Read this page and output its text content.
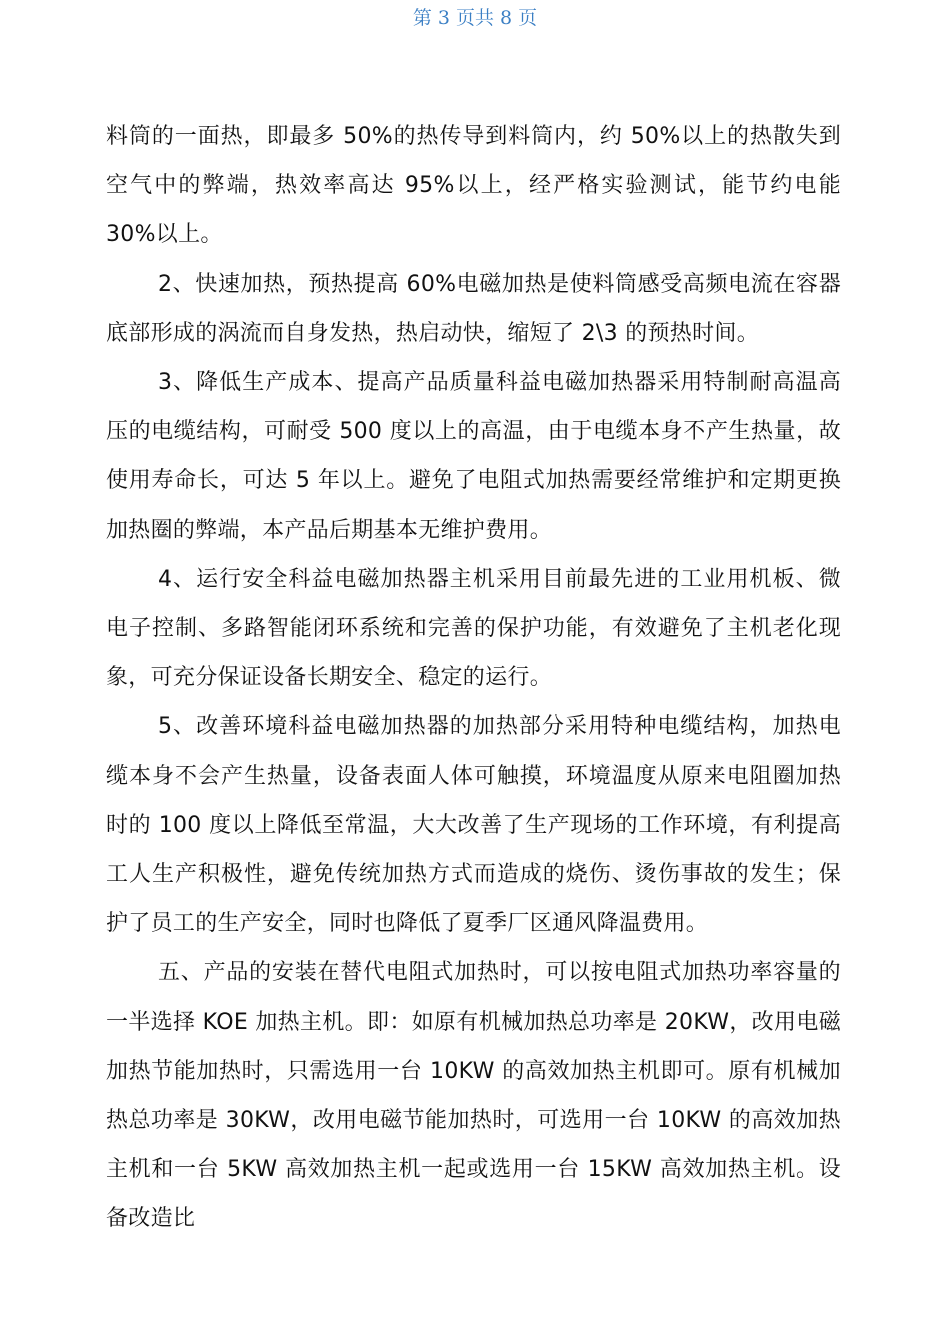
第 3 页共 8 页

料筒的一面热，即最多 50%的热传导到料筒内，约 50%以上的热散失到空气中的弊端，热效率高达 95%以上，经严格实验测试，能节约电能 30%以上。

2、快速加热，预热提高 60%电磁加热是使料筒感受高频电流在容器底部形成的涡流而自身发热，热启动快，缩短了 2\3 的预热时间。

3、降低生产成本、提高产品质量科益电磁加热器采用特制耐高温高压的电缆结构，可耐受 500 度以上的高温，由于电缆本身不产生热量，故使用寿命长，可达 5 年以上。避免了电阻式加热需要经常维护和定期更换加热圈的弊端，本产品后期基本无维护费用。

4、运行安全科益电磁加热器主机采用目前最先进的工业用机板、微电子控制、多路智能闭环系统和完善的保护功能，有效避免了主机老化现象，可充分保证设备长期安全、稳定的运行。

5、改善环境科益电磁加热器的加热部分采用特种电缆结构，加热电缆本身不会产生热量，设备表面人体可触摸，环境温度从原来电阻圈加热时的 100 度以上降低至常温，大大改善了生产现场的工作环境，有利提高工人生产积极性，避免传统加热方式而造成的烧伤、烫伤事故的发生；保护了员工的生产安全，同时也降低了夏季厂区通风降温费用。

五、产品的安装在替代电阻式加热时，可以按电阻式加热功率容量的一半选择 KOE 加热主机。即：如原有机械加热总功率是 20KW，改用电磁加热节能加热时，只需选用一台 10KW 的高效加热主机即可。原有机械加热总功率是 30KW，改用电磁节能加热时，可选用一台 10KW 的高效加热主机和一台 5KW 高效加热主机一起或选用一台 15KW 高效加热主机。设备改造比
